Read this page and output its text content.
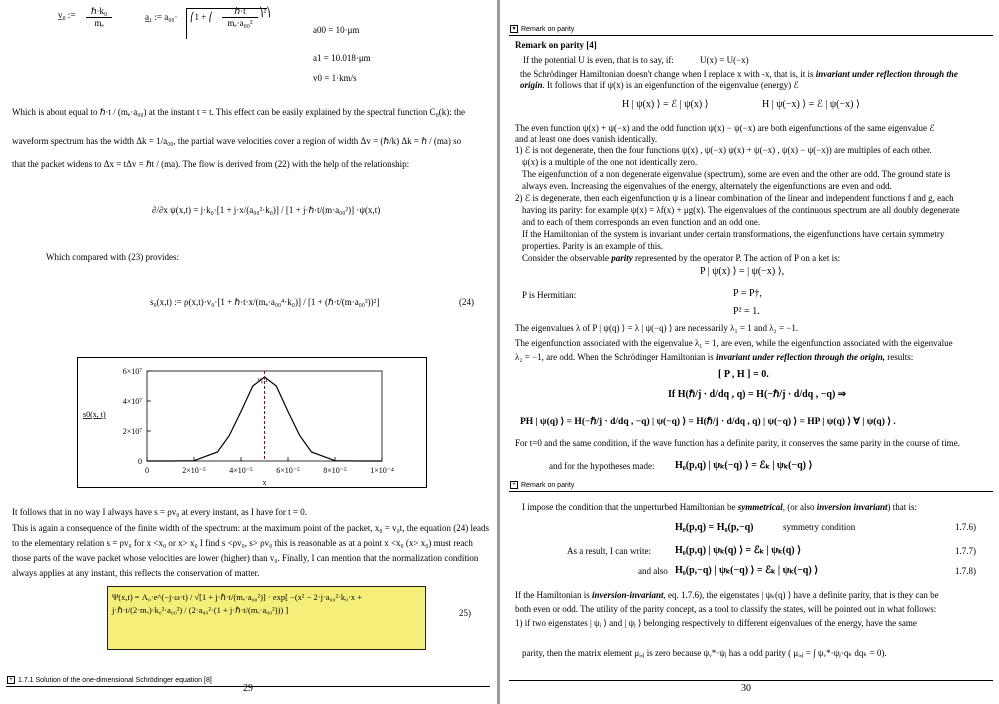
v₀ :=	ℏ·k₀
mₑ
a₁ := a₀₀· ⎛1 + ⎛
ℏ·t
mₑ·a₀₀²
⎞²⎞
a00 = 10·μm
a1 = 10.018·μm
v0 = 1·km/s
Which is about equal to ℏ·t / (mₑ·a₀₀) at the instant t = t. This effect can be easily explained by the spectral function C₀(k): the
waveform spectrum has the width Δk = 1/a₀₀, the partial wave velocities cover a region of width Δv = (ℏ/k) Δk = ℏ / (ma) so
that the packet widens to Δx = tΔv = ℏt / (ma). The flow is derived from (22) with the help of the relationship:
∂/∂x ψ(x,t) = j·k₀·[1 + j·x/(a₀₀²·k₀)] / [1 + j·ℏ·t/(m·a₀₀²)] ·ψ(x,t)
Which compared with (23) provides:
s₀(x,t) := ρ(x,t)·v₀·[1 + ℏ·t·x/(mₑ·a₀₀⁴·k₀)] / [1 + (ℏ·t/(m·a₀₀²))²]	(24)
0
2×10⁷
4×10⁷
6×10⁷
0	2×10⁻⁵	4×10⁻⁵	6×10⁻⁵	8×10⁻⁵	1×10⁻⁴
s0(x, t)
x
v₀·t
It follows that in no way I always have s = ρv₀ at every instant, as I have for t = 0.
This is again a consequence of the finite width of the spectrum: at the maximum point of the packet, x₀ = v₀t, the equation (24) leads
to the elementary relation s = ρv₀ for x <x₀ or x> x₀ I find s <ρv₀, s> ρv₀ this is reasonable as at a point x <x₀ (x> x₀) must reach
those parts of the wave packet whose velocities are lower (higher) than v₀. Finally, I can mention that the normalization condition
always applies at any instant, this reflects the conservation of matter.
Ψ(x,t) = A₀·e^(−j·ω·t) / √[1 + j·ℏ·t/(mₑ·a₀₀²)] · exp[ −(x² − 2·j·a₀₀²·k₀·x + j·ℏ·t/(2·mₑ)·k₀²·a₀₀²) / (2·a₀₀²·(1 + j·ℏ·t/(mₑ·a₀₀²))) ]	25)
+ 1.7.1 Solution of the one-dimensional Schrödinger equation [8]
29
▾ Remark on parity
Remark on parity [4]
If the potential U is even, that is to say, if:	U(x) = U(−x)
the Schrödinger Hamiltonian doesn't change when I replace x with -x, that is, it is invariant under reflection through the
origin. It follows that if ψ(x) is an eigenfunction of the eigenvalue (energy) ℰ
H | ψ(x) ⟩ = ℰ | ψ(x) ⟩	H | ψ(−x) ⟩ = ℰ | ψ(−x) ⟩
The even function ψ(x) + ψ(−x) and the odd function ψ(x) − ψ(−x) are both eigenfunctions of the same eigenvalue ℰ
and at least one does vanish identically.
1) ℰ is not degenerate, then the four functions ψ(x) , ψ(−x) ψ(x) + ψ(−x) , ψ(x) − ψ(−x)) are multiples of each other.
ψ(x) is a multiple of the one not identically zero.
The eigenfunction of a non degenerate eigenvalue (spectrum), some are even and the other are odd. The ground state is
always even. Increasing the eigenvalues of the energy, alternately the eigenfunctions are even and odd.
2) ℰ is degenerate, then each eigenfunction ψ is a linear combination of the linear and independent functions f and g, each
having its parity: for example ψ(x) = λf(x) + μg(x). The eigenvalues of the continuous spectrum are all doubly degenerate
and to each of them corresponds an even function and an odd one.
If the Hamiltonian of the system is invariant under certain transformations, the eigenfunctions have certain symmetry
properties. Parity is an example of this.
Consider the observable parity represented by the operator P. The action of P on a ket is:
P | ψ(x) ⟩ = | ψ(−x) ⟩,
P is Hermitian:	P = P†,
P² = 1.
The eigenvalues λ of P | ψ(q) ⟩ = λ | ψ(−q) ⟩ are necessarily λ₁ = 1 and λ₂ = −1.
The eigenfunction associated with the eigenvalue λ₁ = 1, are even, while the eigenfunction associated with the eigenvalue
λ₂ = −1, are odd. When the Schrödinger Hamiltonian is invariant under reflection through the origin, results:
[ P , H ] = 0.
If H(ℏ/j · d/dq , q) = H(−ℏ/j · d/dq , −q) ⇒
PH | ψ(q) ⟩ = H(−ℏ/j · d/dq , −q) | ψ(−q) ⟩ = H(ℏ/j · d/dq , q) | ψ(−q) ⟩ = HP | ψ(q) ⟩ ∀ | ψ(q) ⟩ .
For t=0 and the same condition, if the wave function has a definite parity, it conserves the same parity in the course of time.
and for the hypotheses made: H₀(p,q) | ψₖ(−q) ⟩ = ℰₖ | ψₖ(−q) ⟩
+ Remark on parity
I impose the condition that the unperturbed Hamiltonian be symmetrical, (or also inversion invariant) that is:
H₀(p,q) = H₀(p,−q)	symmetry condition	1.7.6)
As a result, I can write: H₀(p,q) | ψₖ(q) ⟩ = ℰₖ | ψₖ(q) ⟩	1.7.7)
and also H₀(p,−q) | ψₖ(−q) ⟩ = ℰₖ | ψₖ(−q) ⟩	1.7.8)
If the Hamiltonian is inversion-invariant, eq. 1.7.6), the eigenstates | ψₖ(q) ⟩ have a definite parity, that is they can be
both even or odd. The utility of the parity concept, as a tool to classify the states, will be pointed out in what follows:
1) if two eigenstates | ψᵢ ⟩ and | ψⱼ ⟩ belonging respectively to different eigenvalues of the energy, have the same
parity, then the matrix element μᵢ,ⱼ is zero because ψᵥ*·ψⱼ has a odd parity ( μᵢ,ⱼ = ∫ ψᵥ*·ψⱼ·qₖ dqₖ = 0).
30
